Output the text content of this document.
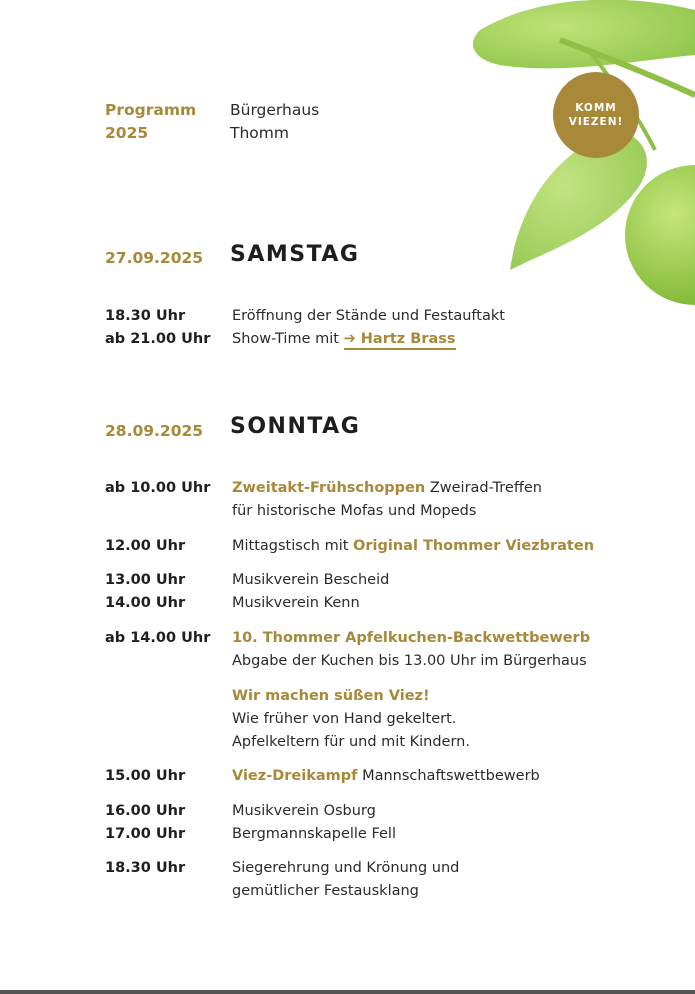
Programm
2025
Bürgerhaus
Thomm
KOMM
VIEZEN!
27.09.2025 SAMSTAG
18.30 Uhr	Eröffnung der Stände und Festauftakt
ab 21.00 Uhr Show-Time mit ➔ Hartz Brass
28.09.2025 SONNTAG
ab 10.00 Uhr Zweitakt-Frühschoppen Zweirad-Treffen
für historische Mofas und Mopeds
12.00 Uhr	Mittagstisch mit Original Thommer Viezbraten
13.00 Uhr	Musikverein Bescheid
14.00 Uhr	Musikverein Kenn
ab 14.00 Uhr 10. Thommer Apfelkuchen-Backwettbewerb
Abgabe der Kuchen bis 13.00 Uhr im Bürgerhaus
Wir machen süßen Viez!
Wie früher von Hand gekeltert.
Apfelkeltern für und mit Kindern.
15.00 Uhr	Viez-Dreikampf Mannschaftswettbewerb
16.00 Uhr	Musikverein Osburg
17.00 Uhr	Bergmannskapelle Fell
18.30 Uhr	Siegerehrung und Krönung und
gemütlicher Festausklang
